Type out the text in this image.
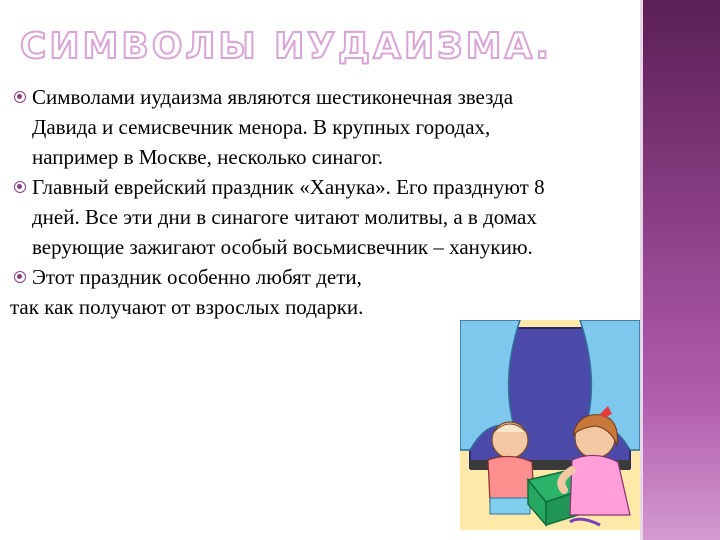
СИМВОЛЫ ИУДАИЗМА.
Символами иудаизма являются шестиконечная звезда Давида и семисвечник менора. В крупных городах, например в Москве, несколько синагог.
Главный еврейский праздник «Ханука». Его празднуют 8 дней. Все эти дни в синагоге читают молитвы, а в домах верующие зажигают особый восьмисвечник – ханукию.
Этот праздник особенно любят дети,
так как получают от взрослых подарки.
